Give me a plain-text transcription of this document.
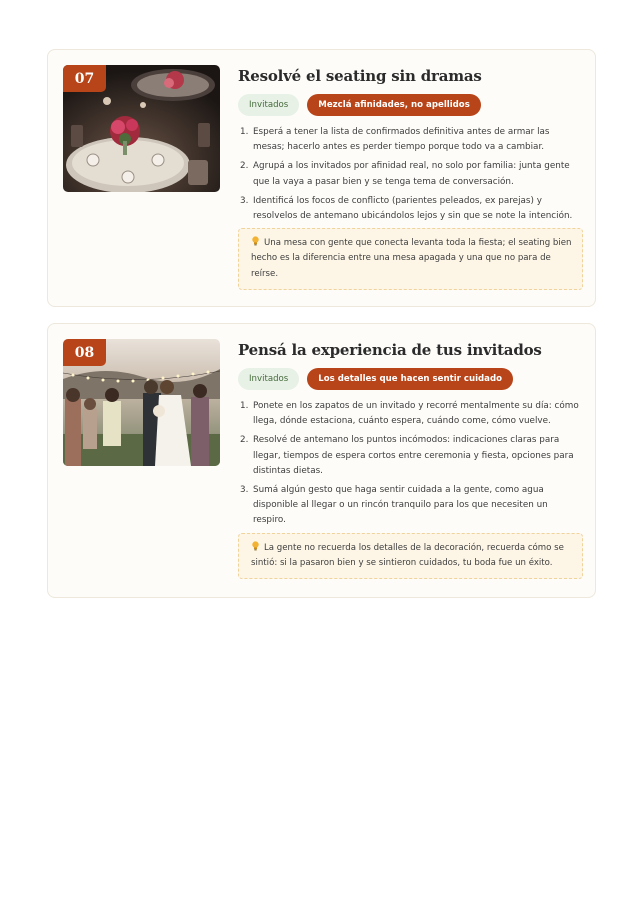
07	Resolvé el seating sin dramas
Invitados	Mezclá afinidades, no apellidos
1. Esperá a tener la lista de confirmados definitiva antes de armar las mesas; hacerlo antes es perder tiempo porque todo va a cambiar.
2. Agrupá a los invitados por afinidad real, no solo por familia: junta gente que la vaya a pasar bien y se tenga tema de conversación.
3. Identificá los focos de conflicto (parientes peleados, ex parejas) y resolvelos de antemano ubicándolos lejos y sin que se note la intención.
Una mesa con gente que conecta levanta toda la fiesta; el seating bien hecho es la diferencia entre una mesa apagada y una que no para de reírse.
08	Pensá la experiencia de tus invitados
Invitados	Los detalles que hacen sentir cuidado
1. Ponete en los zapatos de un invitado y recorré mentalmente su día: cómo llega, dónde estaciona, cuánto espera, cuándo come, cómo vuelve.
2. Resolvé de antemano los puntos incómodos: indicaciones claras para llegar, tiempos de espera cortos entre ceremonia y fiesta, opciones para distintas dietas.
3. Sumá algún gesto que haga sentir cuidada a la gente, como agua disponible al llegar o un rincón tranquilo para los que necesiten un respiro.
La gente no recuerda los detalles de la decoración, recuerda cómo se sintió: si la pasaron bien y se sintieron cuidados, tu boda fue un éxito.
